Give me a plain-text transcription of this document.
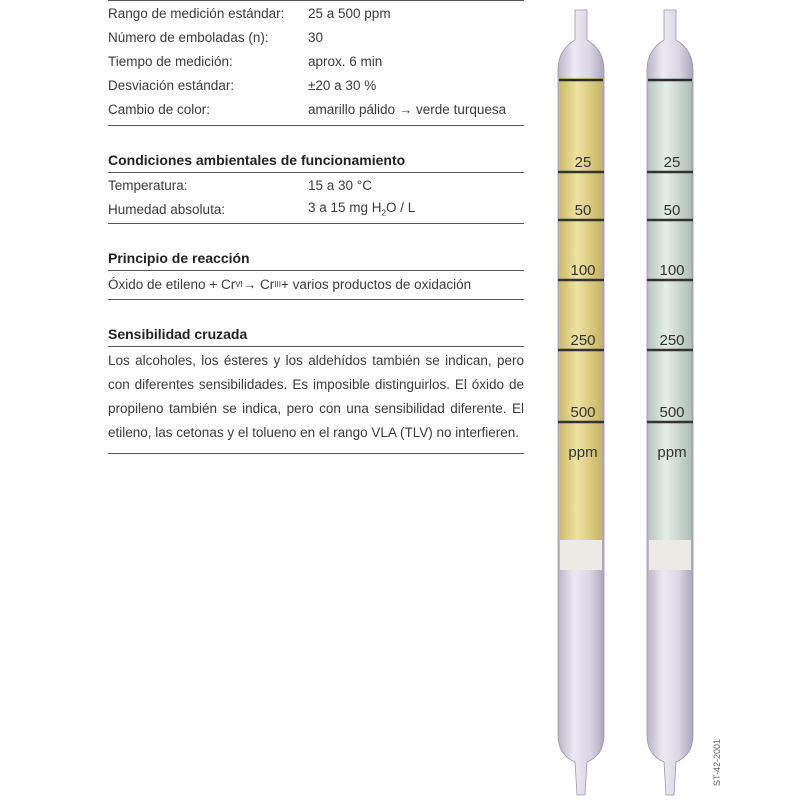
Rango de medición estándar:	25 a 500 ppm
Número de emboladas (n):	30
Tiempo de medición:	aprox. 6 min
Desviación estándar:	±20 a 30 %
Cambio de color:	amarillo pálido → verde turquesa
Condiciones ambientales de funcionamiento
Temperatura:	15 a 30 °C
Humedad absoluta:	3 a 15 mg $H_2O$ / L
Principio de reacción
Óxido de etileno + Cr VI → Cr III + varios productos de oxidación
Sensibilidad cruzada
Los alcoholes, los ésteres y los aldehídos también se indican, pero con diferentes sensibilidades. Es imposible distinguirlos. El óxido de propileno también se indica, pero con una sensibilidad diferente. El etileno, las cetonas y el tolueno en el rango VLA (TLV) no interfieren.
25
50
100
250
500
ppm
25
50
100
250
500
ppm
ST-42-2001
